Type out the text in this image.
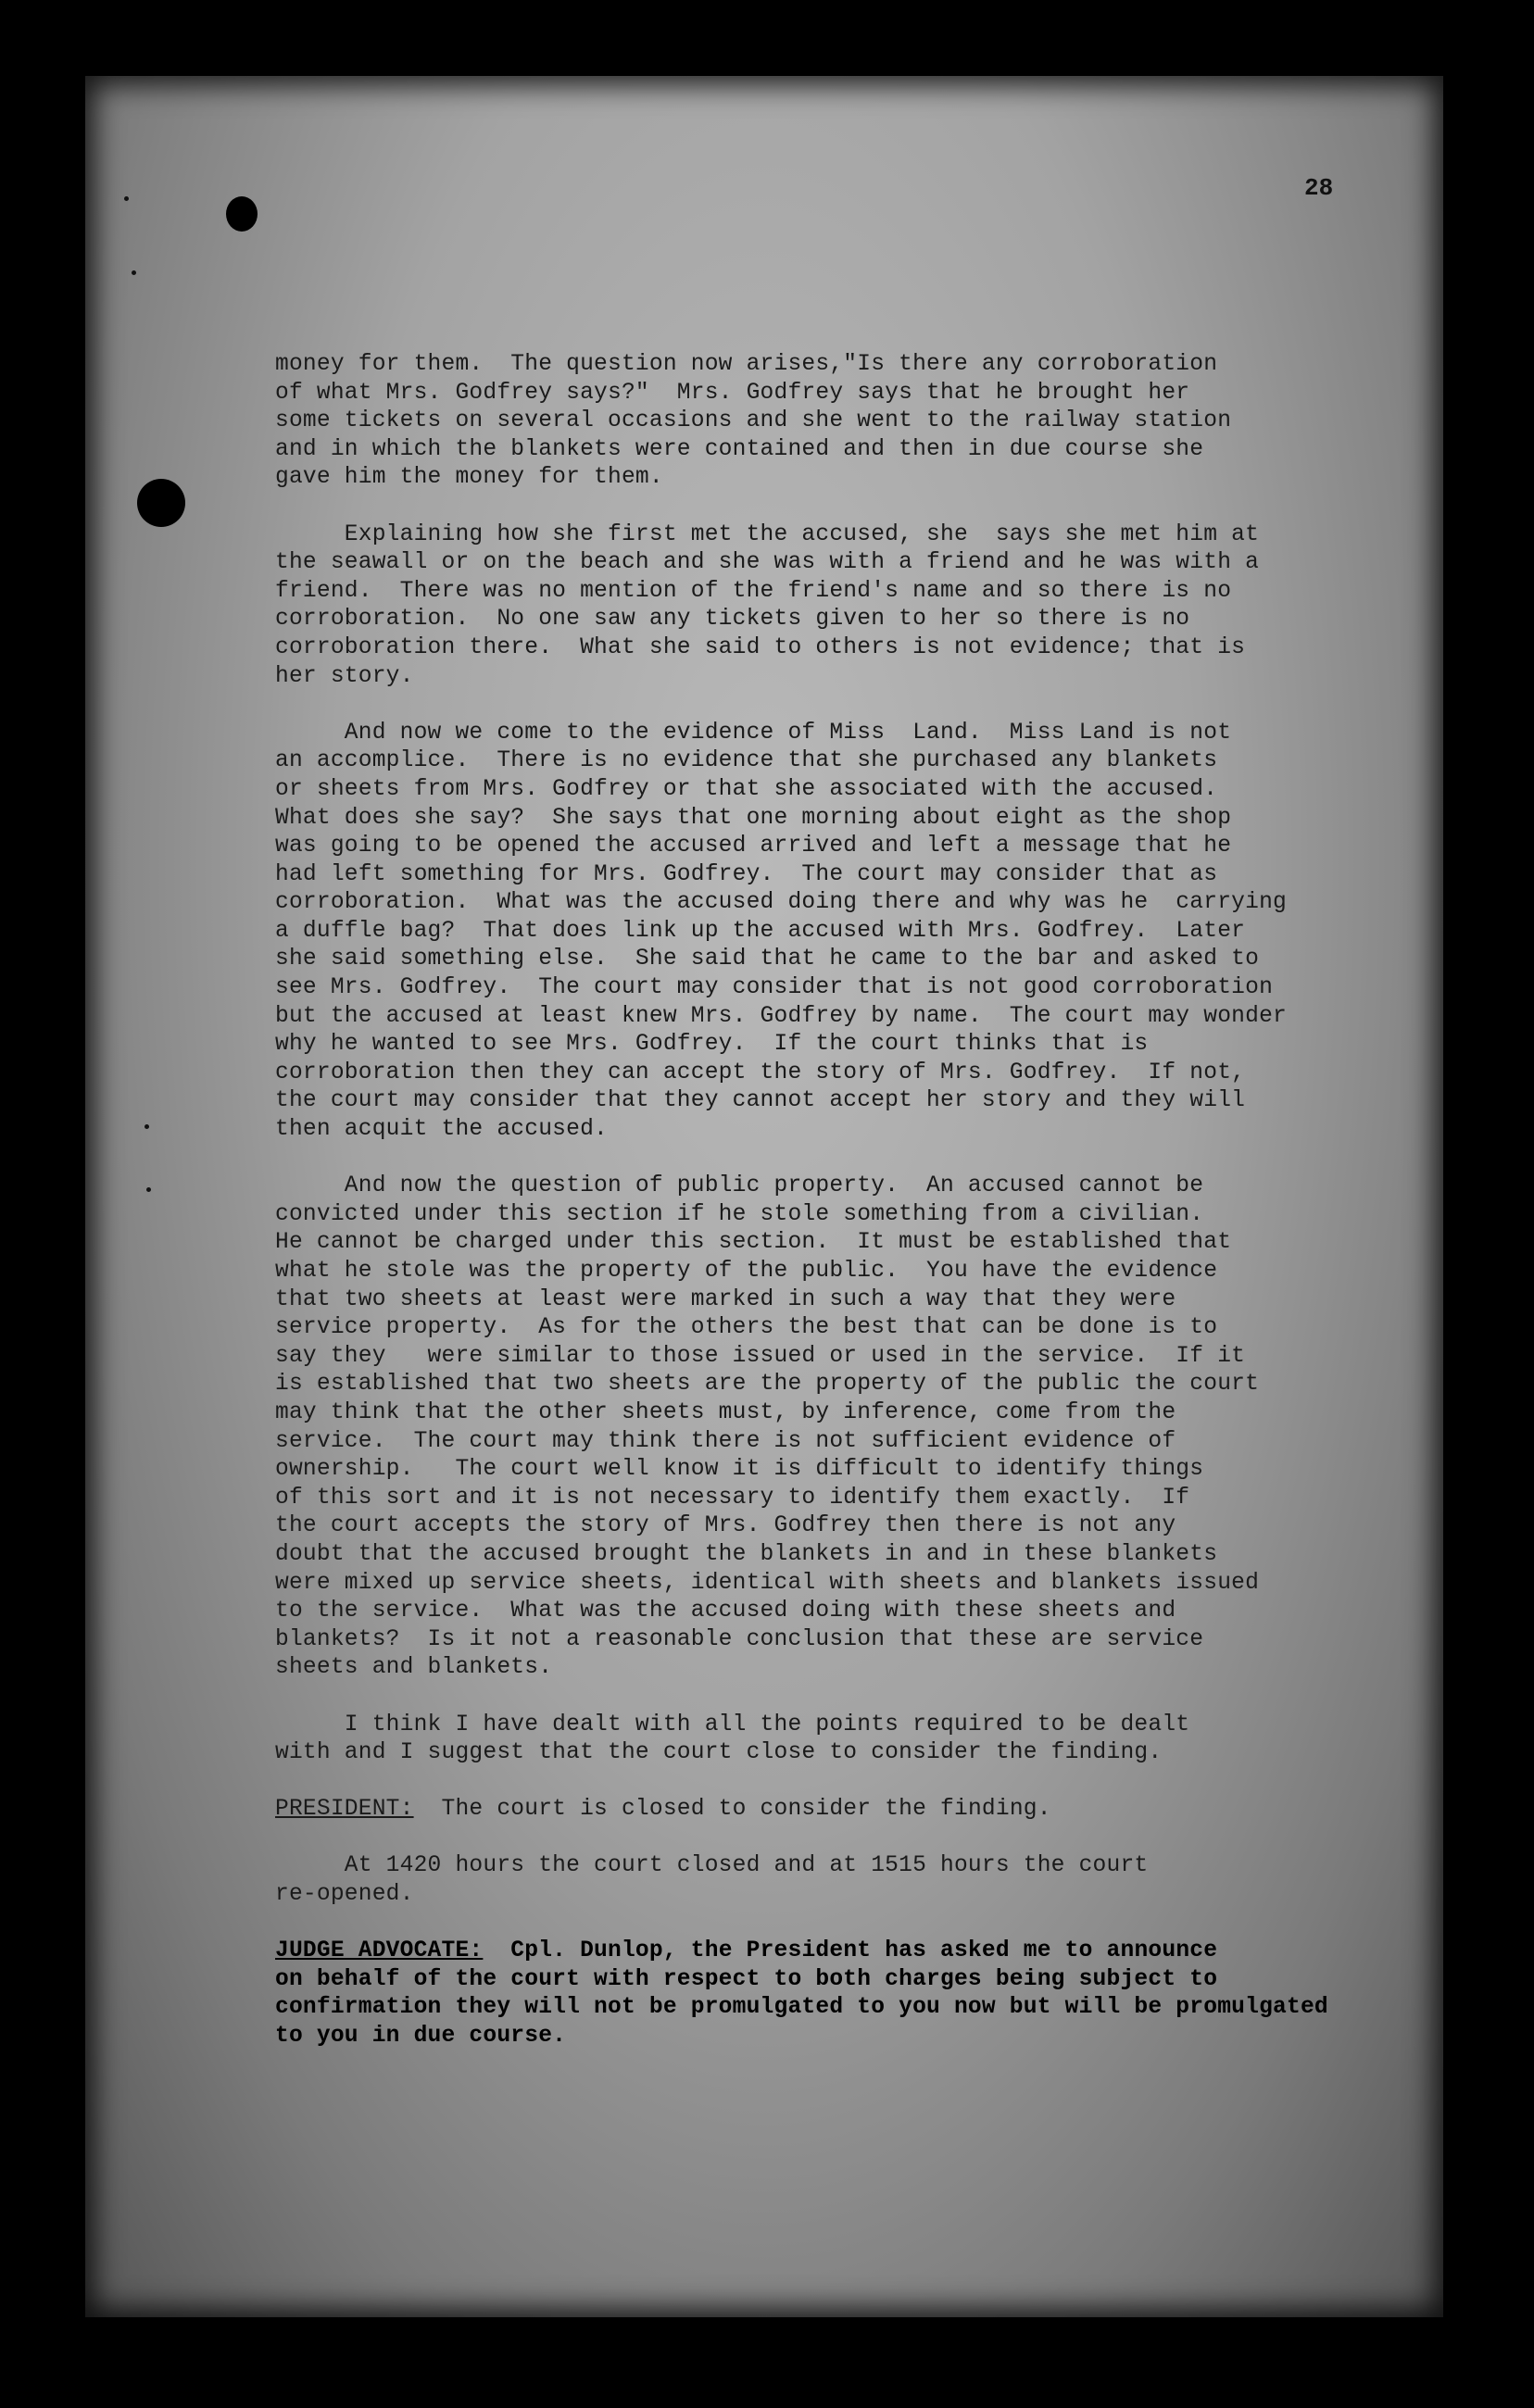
28
money for them.  The question now arises,"Is there any corroboration
of what Mrs. Godfrey says?"  Mrs. Godfrey says that he brought her
some tickets on several occasions and she went to the railway station
and in which the blankets were contained and then in due course she
gave him the money for them.
Explaining how she first met the accused, she  says she met him at
the seawall or on the beach and she was with a friend and he was with a
friend.  There was no mention of the friend's name and so there is no
corroboration.  No one saw any tickets given to her so there is no
corroboration there.  What she said to others is not evidence; that is
her story.
And now we come to the evidence of Miss  Land.  Miss Land is not
an accomplice.  There is no evidence that she purchased any blankets
or sheets from Mrs. Godfrey or that she associated with the accused.
What does she say?  She says that one morning about eight as the shop
was going to be opened the accused arrived and left a message that he
had left something for Mrs. Godfrey.  The court may consider that as
corroboration.  What was the accused doing there and why was he  carrying
a duffle bag?  That does link up the accused with Mrs. Godfrey.  Later
she said something else.  She said that he came to the bar and asked to
see Mrs. Godfrey.  The court may consider that is not good corroboration
but the accused at least knew Mrs. Godfrey by name.  The court may wonder
why he wanted to see Mrs. Godfrey.  If the court thinks that is
corroboration then they can accept the story of Mrs. Godfrey.  If not,
the court may consider that they cannot accept her story and they will
then acquit the accused.
And now the question of public property.  An accused cannot be
convicted under this section if he stole something from a civilian.
He cannot be charged under this section.  It must be established that
what he stole was the property of the public.  You have the evidence
that two sheets at least were marked in such a way that they were
service property.  As for the others the best that can be done is to
say they   were similar to those issued or used in the service.  If it
is established that two sheets are the property of the public the court
may think that the other sheets must, by inference, come from the
service.  The court may think there is not sufficient evidence of
ownership.   The court well know it is difficult to identify things
of this sort and it is not necessary to identify them exactly.  If
the court accepts the story of Mrs. Godfrey then there is not any
doubt that the accused brought the blankets in and in these blankets
were mixed up service sheets, identical with sheets and blankets issued
to the service.  What was the accused doing with these sheets and
blankets?  Is it not a reasonable conclusion that these are service
sheets and blankets.
I think I have dealt with all the points required to be dealt
with and I suggest that the court close to consider the finding.
PRESIDENT:  The court is closed to consider the finding.
At 1420 hours the court closed and at 1515 hours the court
re-opened.
JUDGE ADVOCATE:  Cpl. Dunlop, the President has asked me to announce
on behalf of the court with respect to both charges being subject to
confirmation they will not be promulgated to you now but will be promulgated
to you in due course.
